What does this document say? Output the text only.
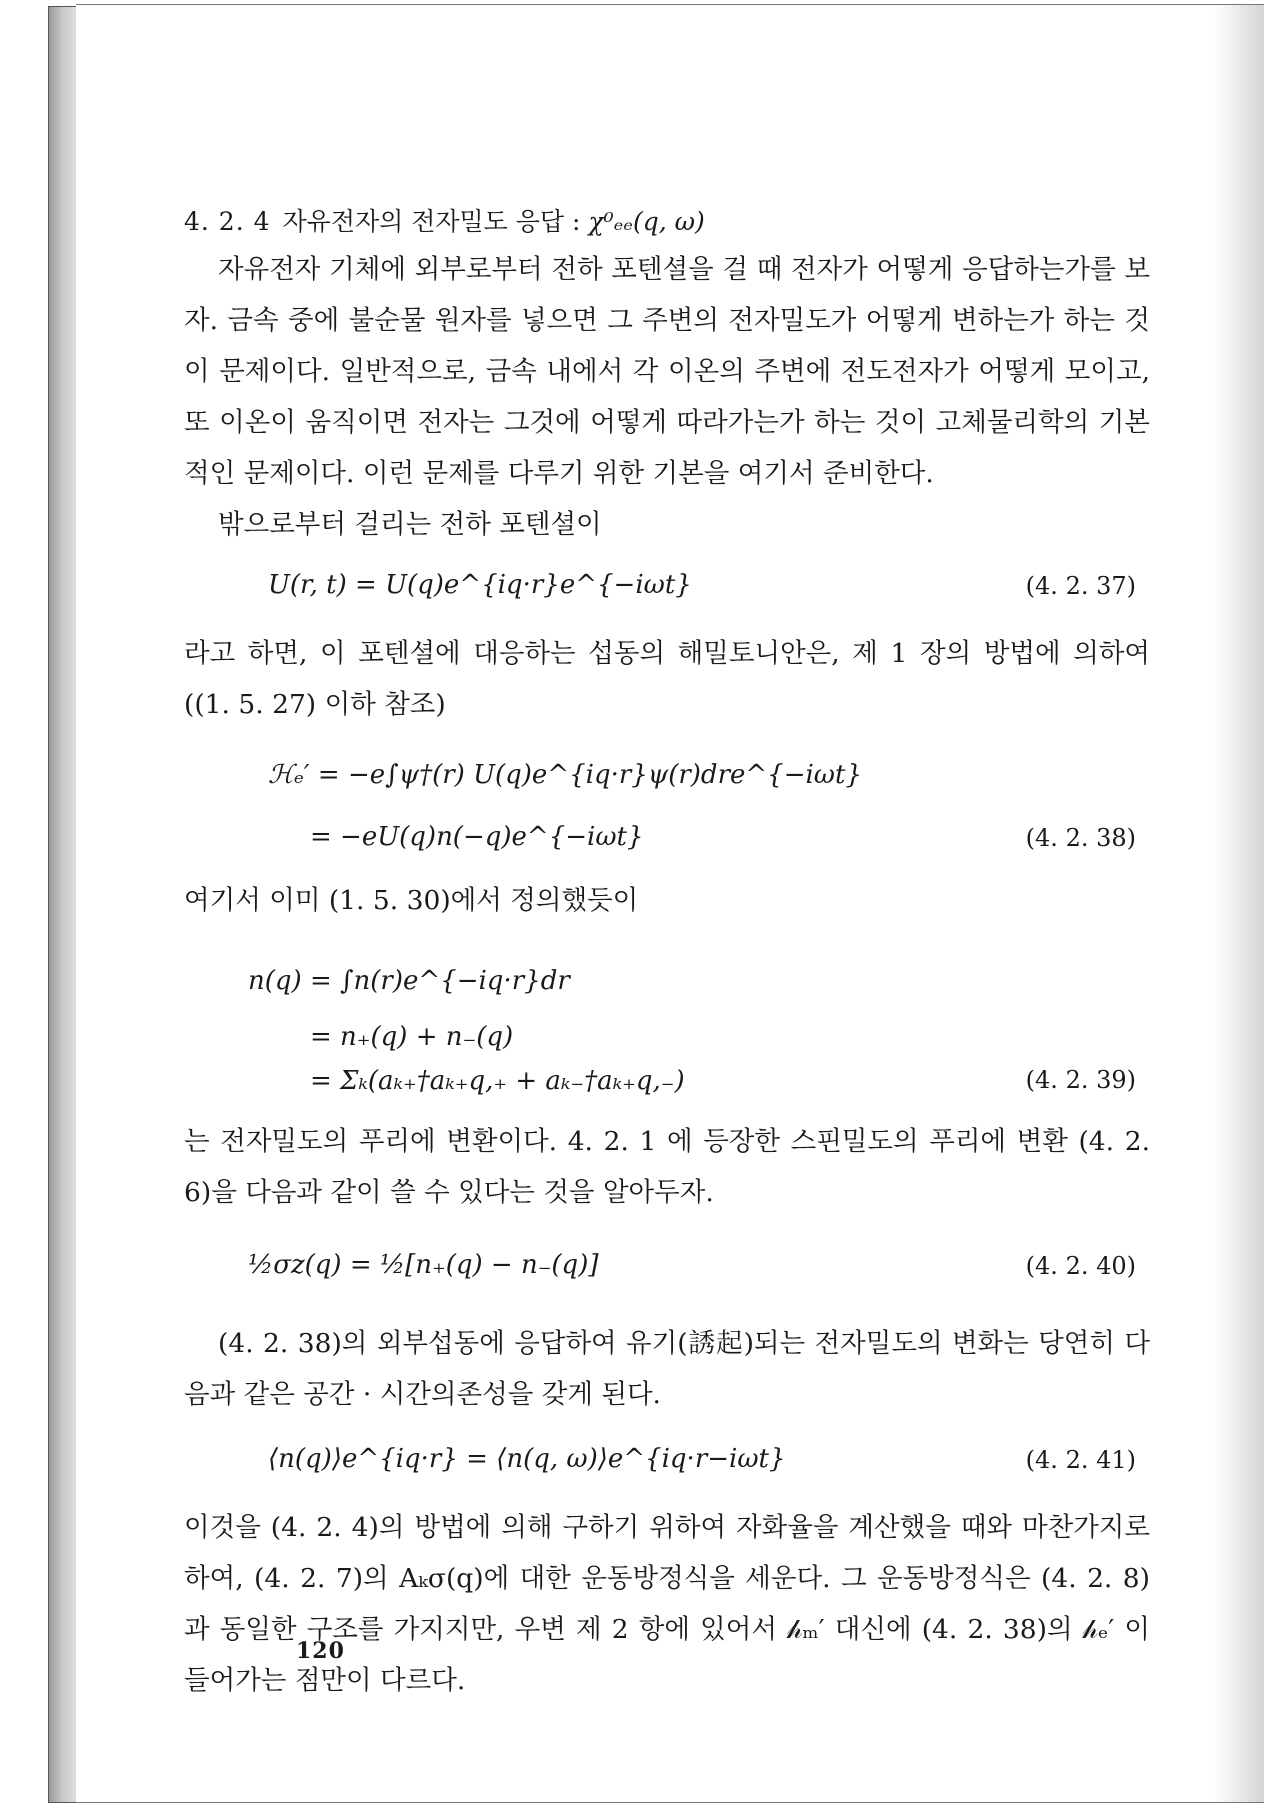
4. 2. 4 자유전자의 전자밀도 응답 : χ⁰ₑₑ(q, ω)

자유전자 기체에 외부로부터 전하 포텐셜을 걸 때 전자가 어떻게 응답하는가를 보자. 금속 중에 불순물 원자를 넣으면 그 주변의 전자밀도가 어떻게 변하는가 하는 것이 문제이다. 일반적으로, 금속 내에서 각 이온의 주변에 전도전자가 어떻게 모이고, 또 이온이 움직이면 전자는 그것에 어떻게 따라가는가 하는 것이 고체물리학의 기본적인 문제이다. 이런 문제를 다루기 위한 기본을 여기서 준비한다.

밖으로부터 걸리는 전하 포텐셜이

U(r, t) = U(q)e^{iq·r}e^{−iωt}	(4. 2. 37)

라고 하면, 이 포텐셜에 대응하는 섭동의 해밀토니안은, 제 1 장의 방법에 의하여 ((1. 5. 27) 이하 참조)

ℋₑ′ = −e∫ψ†(r) U(q)e^{iq·r}ψ(r)dre^{−iωt}
= −eU(q)n(−q)e^{−iωt}	(4. 2. 38)

여기서 이미 (1. 5. 30)에서 정의했듯이

n(q) = ∫n(r)e^{−iq·r}dr
= n₊(q) + n₋(q)
= Σₖ(aₖ₊†aₖ₊q,₊ + aₖ₋†aₖ₊q,₋)	(4. 2. 39)

는 전자밀도의 푸리에 변환이다. 4. 2. 1 에 등장한 스핀밀도의 푸리에 변환 (4. 2. 6)을 다음과 같이 쓸 수 있다는 것을 알아두자.

½σz(q) = ½[n₊(q) − n₋(q)]	(4. 2. 40)

(4. 2. 38)의 외부섭동에 응답하여 유기(誘起)되는 전자밀도의 변화는 당연히 다음과 같은 공간 · 시간의존성을 갖게 된다.

⟨n(q)⟩e^{iq·r} = ⟨n(q, ω)⟩e^{iq·r−iωt}	(4. 2. 41)

이것을 (4. 2. 4)의 방법에 의해 구하기 위하여 자화율을 계산했을 때와 마찬가지로 하여, (4. 2. 7)의 Aₖσ(q)에 대한 운동방정식을 세운다. 그 운동방정식은 (4. 2. 8)과 동일한 구조를 가지지만, 우변 제 2 항에 있어서 𝒽ₘ′ 대신에 (4. 2. 38)의 𝒽ₑ′ 이 들어가는 점만이 다르다.

120
